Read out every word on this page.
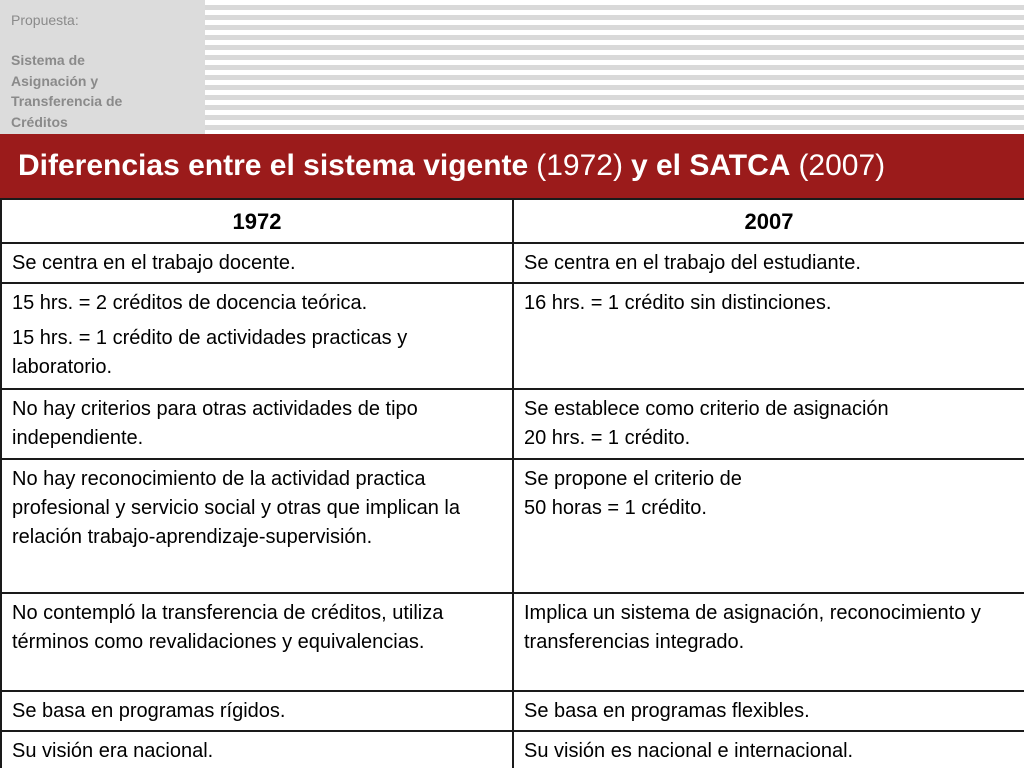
Propuesta:
Sistema de
Asignación y
Transferencia de
Créditos
Diferencias entre el sistema vigente (1972) y el SATCA (2007)
1972	2007

Se centra en el trabajo docente.	Se centra en el trabajo del estudiante.

15 hrs. = 2 créditos de docencia teórica.
15 hrs. = 1 crédito de actividades practicas y laboratorio.	16 hrs. = 1 crédito sin distinciones.

No hay criterios para otras actividades de tipo independiente.	Se establece como criterio de asignación
20 hrs. = 1 crédito.

No hay reconocimiento de la actividad practica profesional y servicio social y otras que implican la relación trabajo-aprendizaje-supervisión.	Se propone el criterio de
50 horas = 1 crédito.

No contempló la transferencia de créditos, utiliza términos como revalidaciones y equivalencias.	Implica un sistema de asignación, reconocimiento y transferencias integrado.

Se basa en programas rígidos.	Se basa en programas flexibles.

Su visión era nacional.	Su visión es nacional e internacional.
